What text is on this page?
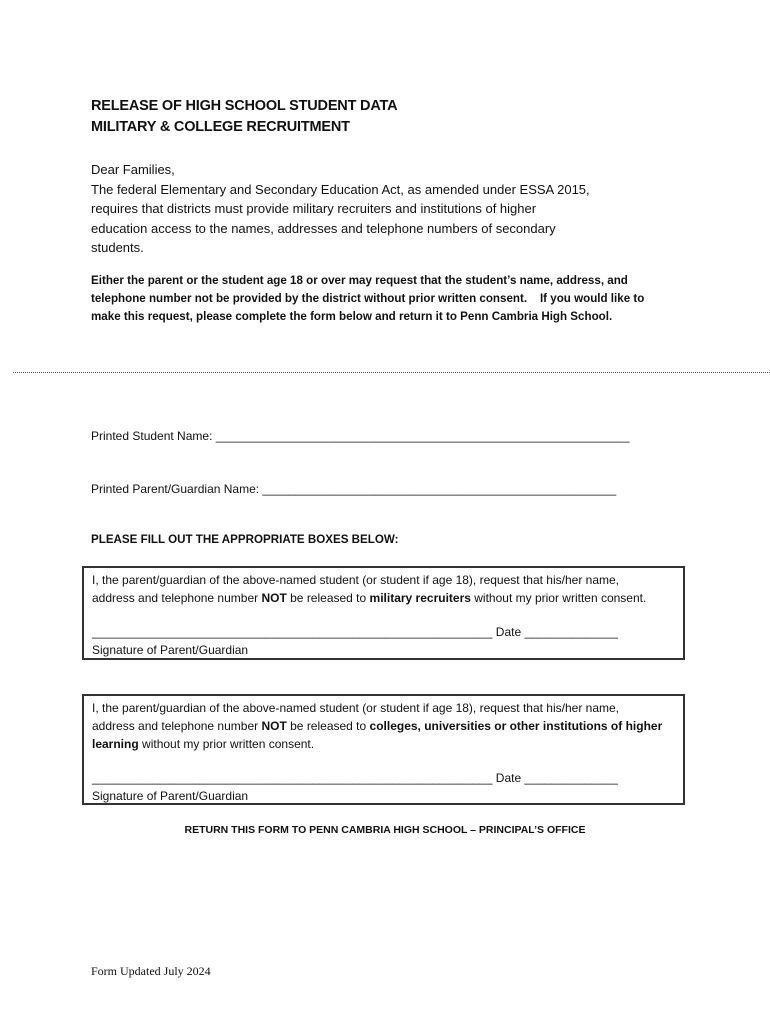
RELEASE OF HIGH SCHOOL STUDENT DATA
MILITARY & COLLEGE RECRUITMENT
Dear Families,
The federal Elementary and Secondary Education Act, as amended under ESSA 2015,
requires that districts must provide military recruiters and institutions of higher
education access to the names, addresses and telephone numbers of secondary
students.
Either the parent or the student age 18 or over may request that the student’s name, address, and
telephone number not be provided by the district without prior written consent.    If you would like to
make this request, please complete the form below and return it to Penn Cambria High School.
Printed Student Name: ______________________________________________________________
Printed Parent/Guardian Name: _____________________________________________________
PLEASE FILL OUT THE APPROPRIATE BOXES BELOW:
I, the parent/guardian of the above-named student (or student if age 18), request that his/her name,
address and telephone number NOT be released to military recruiters without my prior written consent.
____________________________________________________________ Date ______________
Signature of Parent/Guardian
I, the parent/guardian of the above-named student (or student if age 18), request that his/her name,
address and telephone number NOT be released to colleges, universities or other institutions of higher
learning without my prior written consent.
____________________________________________________________ Date ______________
Signature of Parent/Guardian
RETURN THIS FORM TO PENN CAMBRIA HIGH SCHOOL – PRINCIPAL’S OFFICE
Form Updated July 2024
